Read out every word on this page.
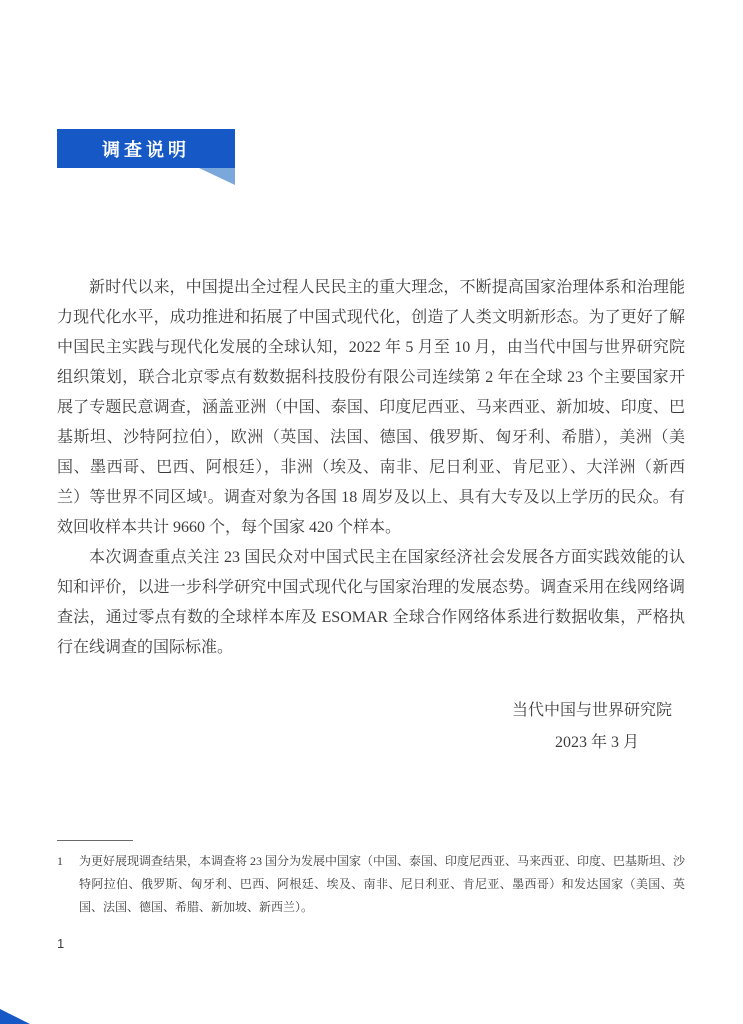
调查说明

新时代以来，中国提出全过程人民民主的重大理念，不断提高国家治理体系和治理能力现代化水平，成功推进和拓展了中国式现代化，创造了人类文明新形态。为了更好了解中国民主实践与现代化发展的全球认知，2022 年 5 月至 10 月，由当代中国与世界研究院组织策划，联合北京零点有数数据科技股份有限公司连续第 2 年在全球 23 个主要国家开展了专题民意调查，涵盖亚洲（中国、泰国、印度尼西亚、马来西亚、新加坡、印度、巴基斯坦、沙特阿拉伯），欧洲（英国、法国、德国、俄罗斯、匈牙利、希腊），美洲（美国、墨西哥、巴西、阿根廷），非洲（埃及、南非、尼日利亚、肯尼亚）、大洋洲（新西兰）等世界不同区域¹。调查对象为各国 18 周岁及以上、具有大专及以上学历的民众。有效回收样本共计 9660 个，每个国家 420 个样本。

本次调查重点关注 23 国民众对中国式民主在国家经济社会发展各方面实践效能的认知和评价，以进一步科学研究中国式现代化与国家治理的发展态势。调查采用在线网络调查法，通过零点有数的全球样本库及 ESOMAR 全球合作网络体系进行数据收集，严格执行在线调查的国际标准。

当代中国与世界研究院
2023 年 3 月
1	为更好展现调查结果，本调查将 23 国分为发展中国家（中国、泰国、印度尼西亚、马来西亚、印度、巴基斯坦、沙特阿拉伯、俄罗斯、匈牙利、巴西、阿根廷、埃及、南非、尼日利亚、肯尼亚、墨西哥）和发达国家（美国、英国、法国、德国、希腊、新加坡、新西兰）。
1
